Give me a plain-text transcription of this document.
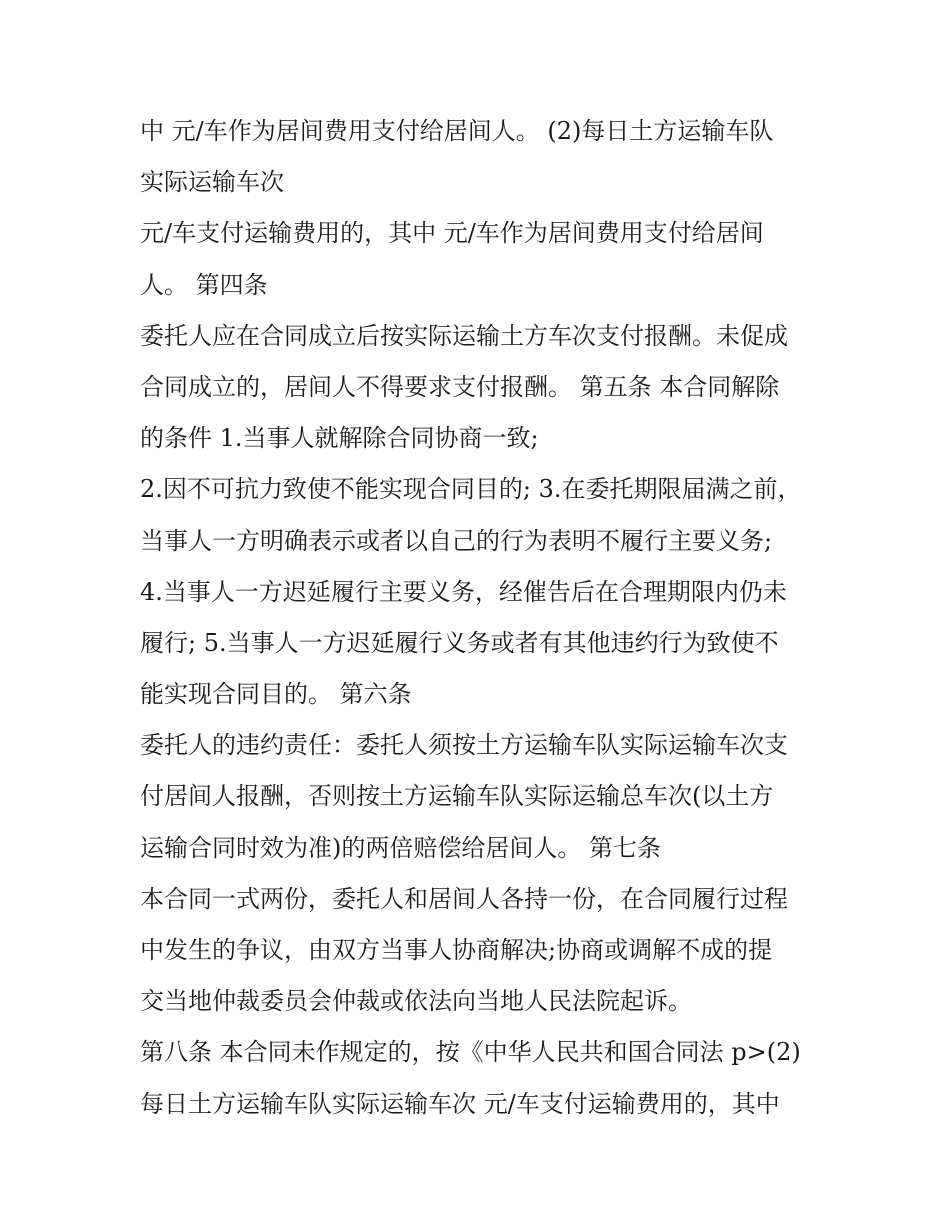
中 元/车作为居间费用支付给居间人。 (2)每日土方运输车队
实际运输车次
元/车支付运输费用的，其中 元/车作为居间费用支付给居间
人。 第四条
委托人应在合同成立后按实际运输土方车次支付报酬。未促成
合同成立的，居间人不得要求支付报酬。 第五条 本合同解除
的条件 1.当事人就解除合同协商一致;
2.因不可抗力致使不能实现合同目的; 3.在委托期限届满之前，
当事人一方明确表示或者以自己的行为表明不履行主要义务;
4.当事人一方迟延履行主要义务，经催告后在合理期限内仍未
履行; 5.当事人一方迟延履行义务或者有其他违约行为致使不
能实现合同目的。 第六条
委托人的违约责任：委托人须按土方运输车队实际运输车次支
付居间人报酬，否则按土方运输车队实际运输总车次(以土方
运输合同时效为准)的两倍赔偿给居间人。 第七条
本合同一式两份，委托人和居间人各持一份，在合同履行过程
中发生的争议，由双方当事人协商解决;协商或调解不成的提
交当地仲裁委员会仲裁或依法向当地人民法院起诉。
第八条 本合同未作规定的，按《中华人民共和国合同法 p>(2)
每日土方运输车队实际运输车次 元/车支付运输费用的，其中
